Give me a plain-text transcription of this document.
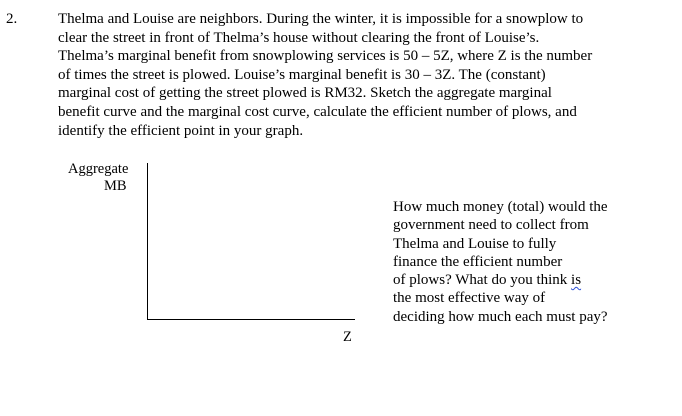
2.	Thelma and Louise are neighbors. During the winter, it is impossible for a snowplow to
clear the street in front of Thelma’s house without clearing the front of Louise’s.
Thelma’s marginal benefit from snowplowing services is 50 – 5Z, where Z is the number
of times the street is plowed. Louise’s marginal benefit is 30 – 3Z. The (constant)
marginal cost of getting the street plowed is RM32. Sketch the aggregate marginal
benefit curve and the marginal cost curve, calculate the efficient number of plows, and
identify the efficient point in your graph.
Aggregate
MB
Z
How much money (total) would the
government need to collect from
Thelma and Louise to fully
finance the efficient number
of plows? What do you think is
the most effective way of
deciding how much each must pay?
